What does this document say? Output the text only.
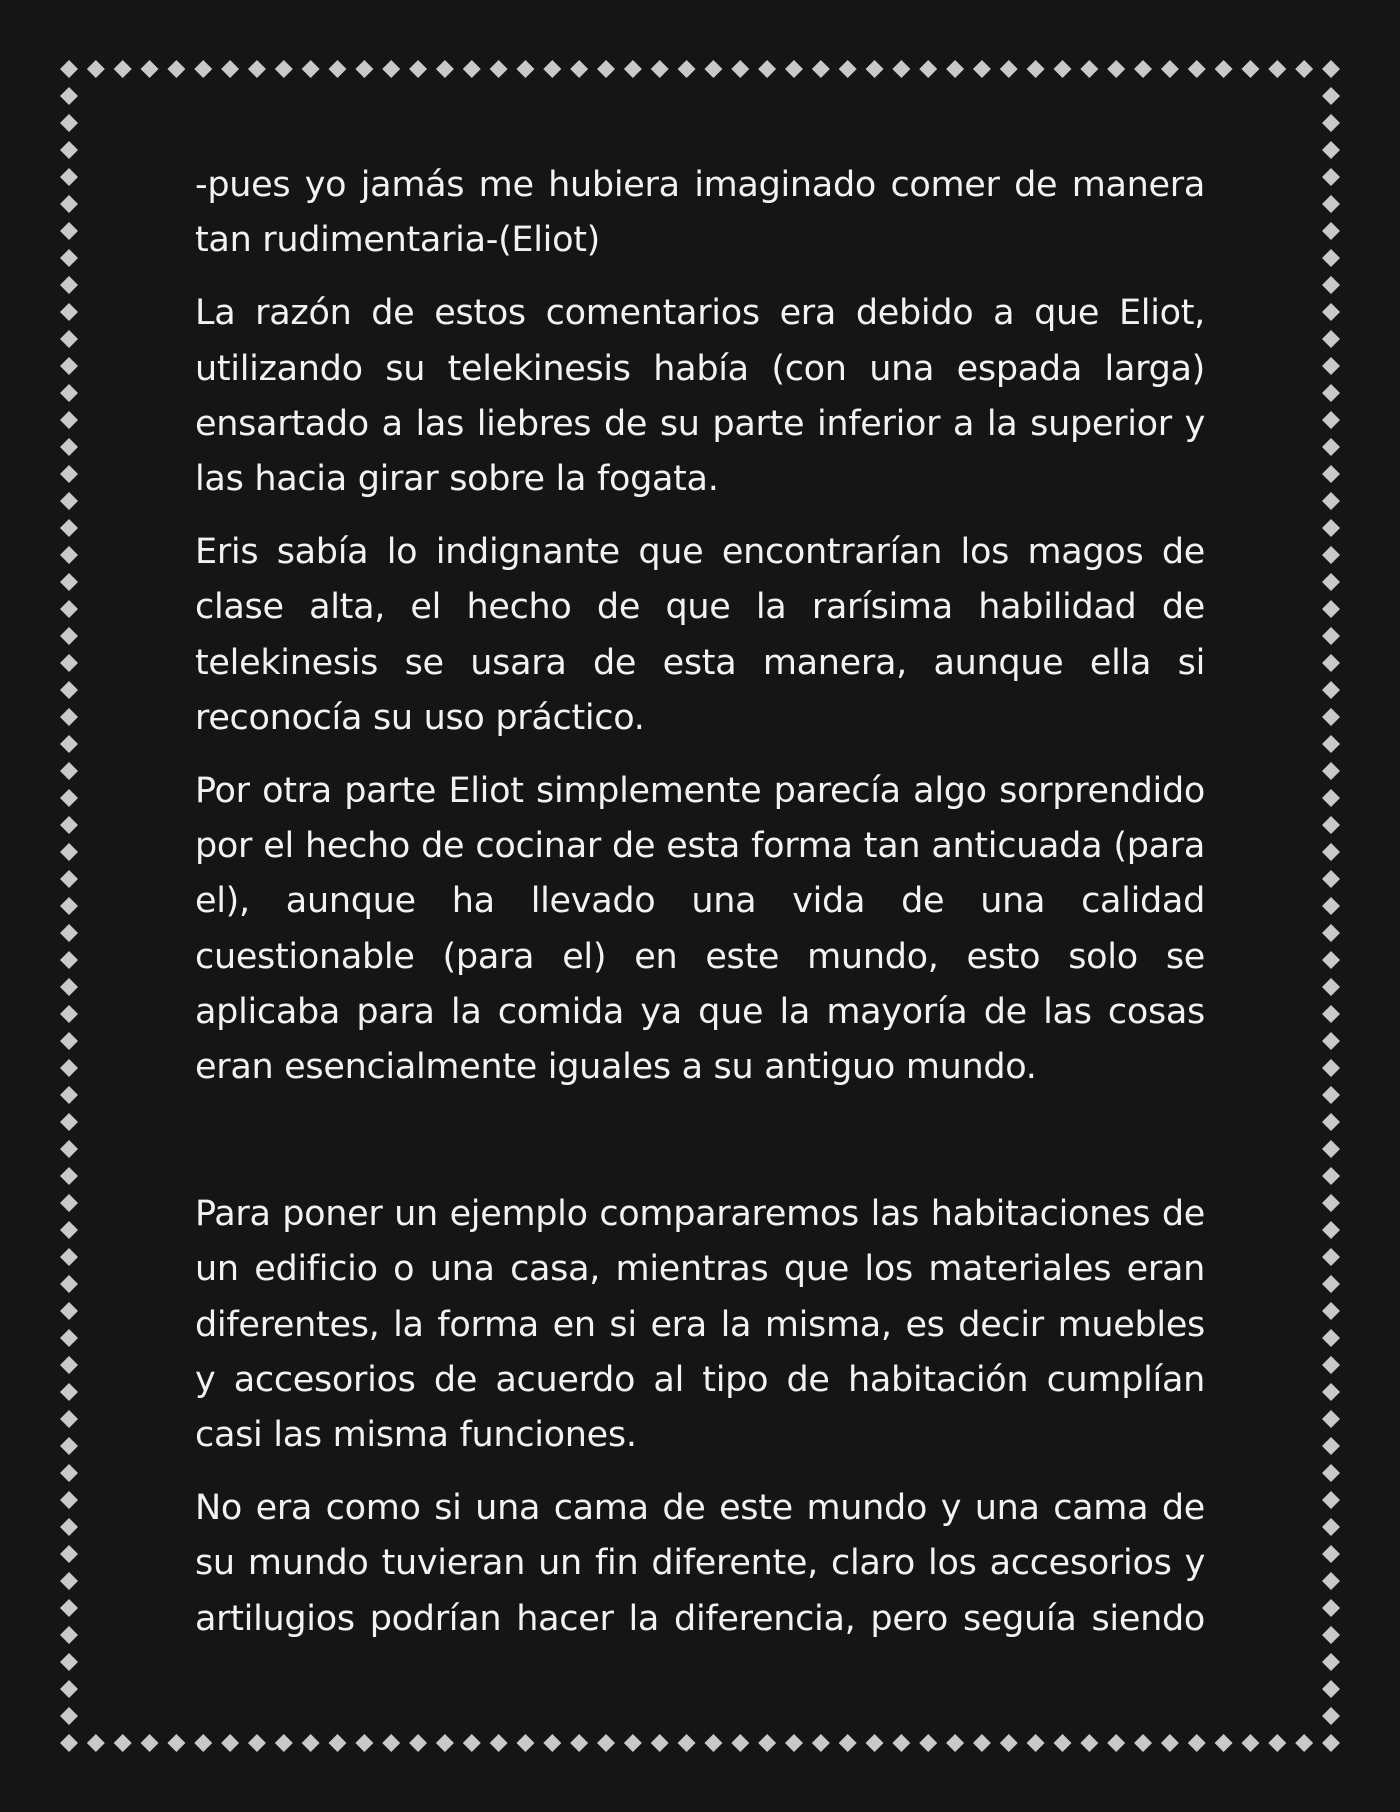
-pues yo jamás me hubiera imaginado comer de manera tan rudimentaria-(Eliot)

La razón de estos comentarios era debido a que Eliot, utilizando su telekinesis había (con una espada larga) ensartado a las liebres de su parte inferior a la superior y las hacia girar sobre la fogata.

Eris sabía lo indignante que encontrarían los magos de clase alta, el hecho de que la rarísima habilidad de telekinesis se usara de esta manera, aunque ella si reconocía su uso práctico.

Por otra parte Eliot simplemente parecía algo sorprendido por el hecho de cocinar de esta forma tan anticuada (para el), aunque ha llevado una vida de una calidad cuestionable (para el) en este mundo, esto solo se aplicaba para la comida ya que la mayoría de las cosas eran esencialmente iguales a su antiguo mundo.

Para poner un ejemplo compararemos las habitaciones de un edificio o una casa, mientras que los materiales eran diferentes, la forma en si era la misma, es decir muebles y accesorios de acuerdo al tipo de habitación cumplían casi las misma funciones.

No era como si una cama de este mundo y una cama de su mundo tuvieran un fin diferente, claro los accesorios y artilugios podrían hacer la diferencia, pero seguía siendo
